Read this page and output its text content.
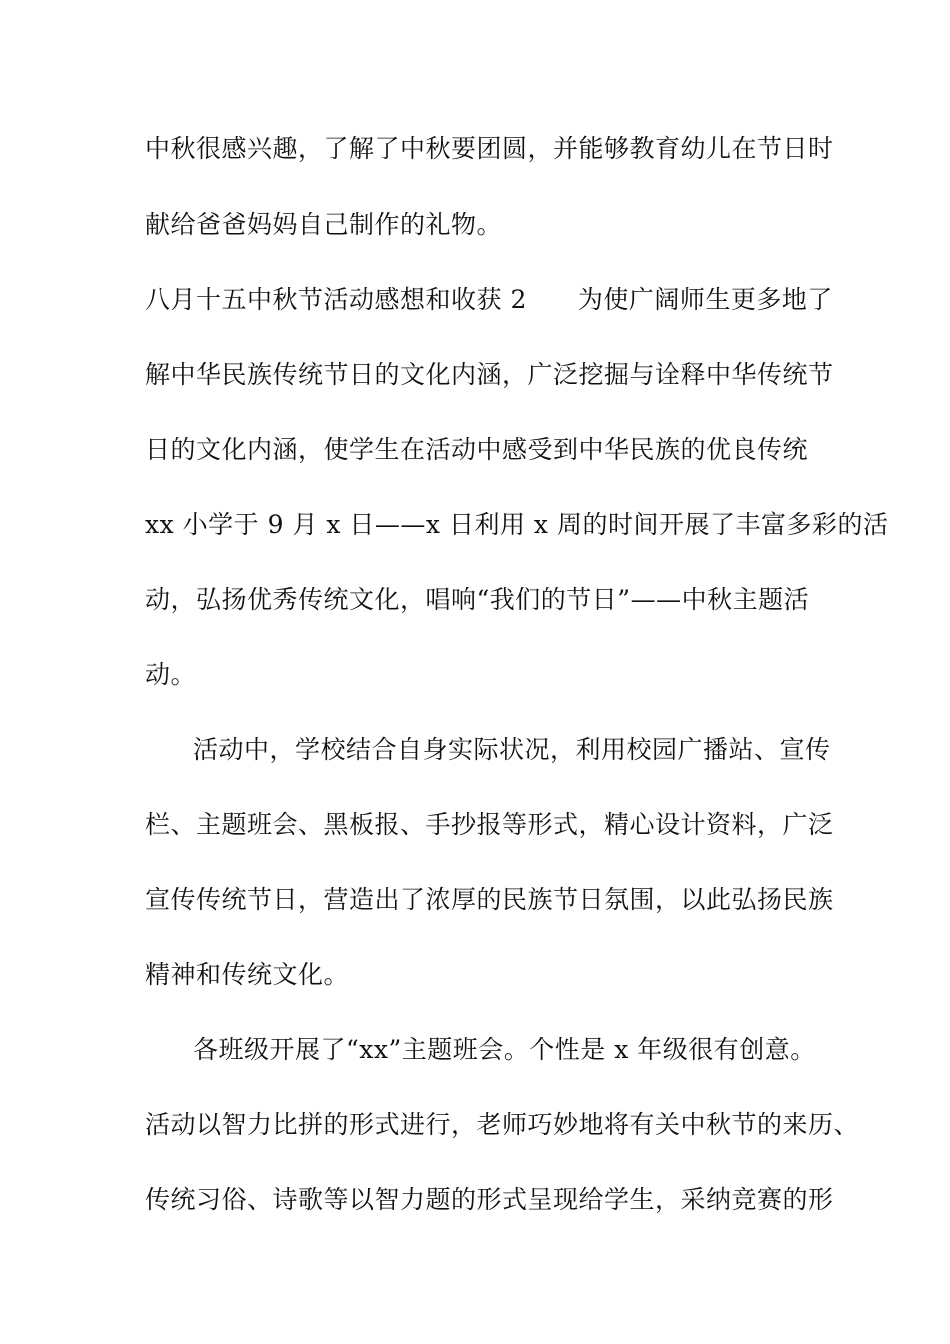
中秋很感兴趣，了解了中秋要团圆，并能够教育幼儿在节日时
献给爸爸妈妈自己制作的礼物。
八月十五中秋节活动感想和收获 2　　为使广阔师生更多地了
解中华民族传统节日的文化内涵，广泛挖掘与诠释中华传统节
日的文化内涵，使学生在活动中感受到中华民族的优良传统
xx 小学于 9 月 x 日——x 日利用 x 周的时间开展了丰富多彩的活
动，弘扬优秀传统文化，唱响“我们的节日”——中秋主题活
动。
活动中，学校结合自身实际状况，利用校园广播站、宣传
栏、主题班会、黑板报、手抄报等形式，精心设计资料，广泛
宣传传统节日，营造出了浓厚的民族节日氛围，以此弘扬民族
精神和传统文化。
各班级开展了“xx”主题班会。个性是 x 年级很有创意。
活动以智力比拼的形式进行，老师巧妙地将有关中秋节的来历、
传统习俗、诗歌等以智力题的形式呈现给学生，采纳竞赛的形
